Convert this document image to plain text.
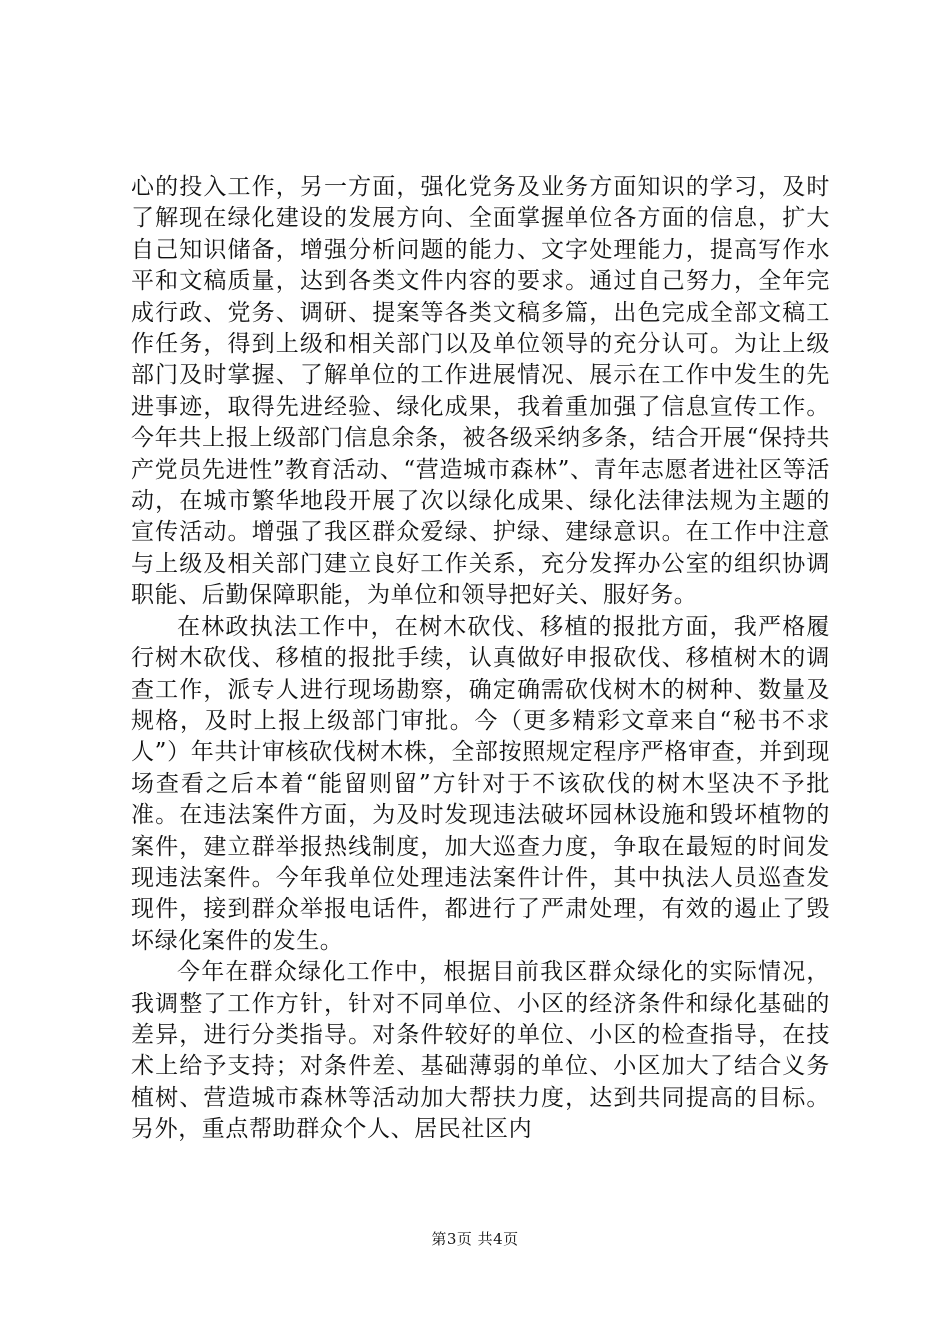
心的投入工作，另一方面，强化党务及业务方面知识的学习，及时了解现在绿化建设的发展方向、全面掌握单位各方面的信息，扩大自己知识储备，增强分析问题的能力、文字处理能力，提高写作水平和文稿质量，达到各类文件内容的要求。通过自己努力，全年完成行政、党务、调研、提案等各类文稿多篇，出色完成全部文稿工作任务，得到上级和相关部门以及单位领导的充分认可。为让上级部门及时掌握、了解单位的工作进展情况、展示在工作中发生的先进事迹，取得先进经验、绿化成果，我着重加强了信息宣传工作。今年共上报上级部门信息余条，被各级采纳多条，结合开展“保持共产党员先进性”教育活动、“营造城市森林”、青年志愿者进社区等活动，在城市繁华地段开展了次以绿化成果、绿化法律法规为主题的宣传活动。增强了我区群众爱绿、护绿、建绿意识。在工作中注意与上级及相关部门建立良好工作关系，充分发挥办公室的组织协调职能、后勤保障职能，为单位和领导把好关、服好务。

在林政执法工作中，在树木砍伐、移植的报批方面，我严格履行树木砍伐、移植的报批手续，认真做好申报砍伐、移植树木的调查工作，派专人进行现场勘察，确定确需砍伐树木的树种、数量及规格，及时上报上级部门审批。今（更多精彩文章来自“秘书不求人”）年共计审核砍伐树木株，全部按照规定程序严格审查，并到现场查看之后本着“能留则留”方针对于不该砍伐的树木坚决不予批准。在违法案件方面，为及时发现违法破坏园林设施和毁坏植物的案件，建立群举报热线制度，加大巡查力度，争取在最短的时间发现违法案件。今年我单位处理违法案件计件，其中执法人员巡查发现件，接到群众举报电话件，都进行了严肃处理，有效的遏止了毁坏绿化案件的发生。

今年在群众绿化工作中，根据目前我区群众绿化的实际情况，我调整了工作方针，针对不同单位、小区的经济条件和绿化基础的差异，进行分类指导。对条件较好的单位、小区的检查指导，在技术上给予支持；对条件差、基础薄弱的单位、小区加大了结合义务植树、营造城市森林等活动加大帮扶力度，达到共同提高的目标。另外，重点帮助群众个人、居民社区内

第3页 共4页
